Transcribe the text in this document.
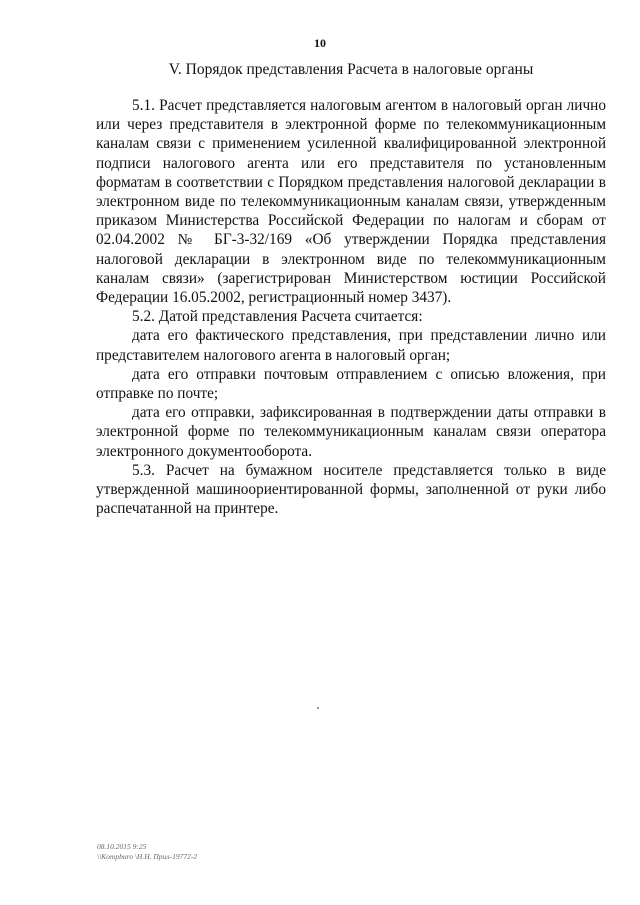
10
V. Порядок представления Расчета в налоговые органы

5.1. Расчет представляется налоговым агентом в налоговый орган лично или через представителя в электронной форме по телекоммуникационным каналам связи с применением усиленной квалифицированной электронной подписи налогового агента или его представителя по установленным форматам в соответствии с Порядком представления налоговой декларации в электронном виде по телекоммуникационным каналам связи, утвержденным приказом Министерства Российской Федерации по налогам и сборам от 02.04.2002 № БГ-3-32/169 «Об утверждении Порядка представления налоговой декларации в электронном виде по телекоммуникационным каналам связи» (зарегистрирован Министерством юстиции Российской Федерации 16.05.2002, регистрационный номер 3437).

5.2. Датой представления Расчета считается:

дата его фактического представления, при представлении лично или представителем налогового агента в налоговый орган;

дата его отправки почтовым отправлением с описью вложения, при отправке по почте;

дата его отправки, зафиксированная в подтверждении даты отправки в электронной форме по телекоммуникационным каналам связи оператора электронного документооборота.

5.3. Расчет на бумажном носителе представляется только в виде утвержденной машиноориентированной формы, заполненной от руки либо распечатанной на принтере.

08.10.2015 9:25
\\Kompburo \Н.Н. Прил-19772-2
